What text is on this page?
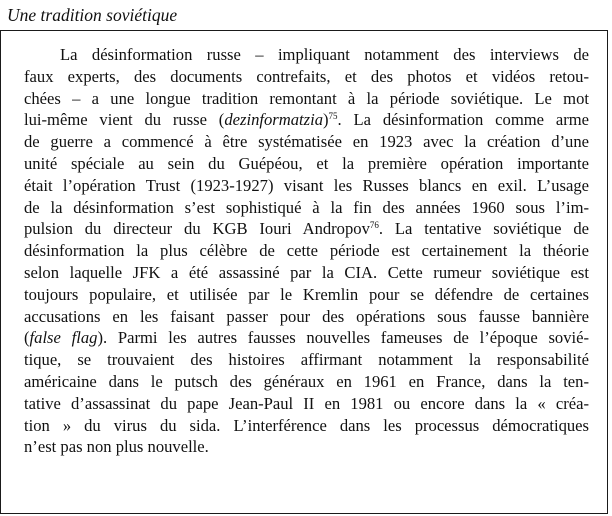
Une tradition soviétique

La désinformation russe – impliquant notamment des interviews de
faux experts, des documents contrefaits, et des photos et vidéos retou-
chées – a une longue tradition remontant à la période soviétique. Le mot
lui-même vient du russe (dezinformatzia)$^{75}$. La désinformation comme arme
de guerre a commencé à être systématisée en 1923 avec la création d’une
unité spéciale au sein du Guépéou, et la première opération importante
était l’opération Trust (1923-1927) visant les Russes blancs en exil. L’usage
de la désinformation s’est sophistiqué à la fin des années 1960 sous l’im-
pulsion du directeur du KGB Iouri Andropov$^{76}$. La tentative soviétique de
désinformation la plus célèbre de cette période est certainement la théorie
selon laquelle JFK a été assassiné par la CIA. Cette rumeur soviétique est
toujours populaire, et utilisée par le Kremlin pour se défendre de certaines
accusations en les faisant passer pour des opérations sous fausse bannière
(false flag). Parmi les autres fausses nouvelles fameuses de l’époque sovié-
tique, se trouvaient des histoires affirmant notamment la responsabilité
américaine dans le putsch des généraux en 1961 en France, dans la ten-
tative d’assassinat du pape Jean-Paul II en 1981 ou encore dans la « créa-
tion » du virus du sida. L’interférence dans les processus démocratiques
n’est pas non plus nouvelle.
